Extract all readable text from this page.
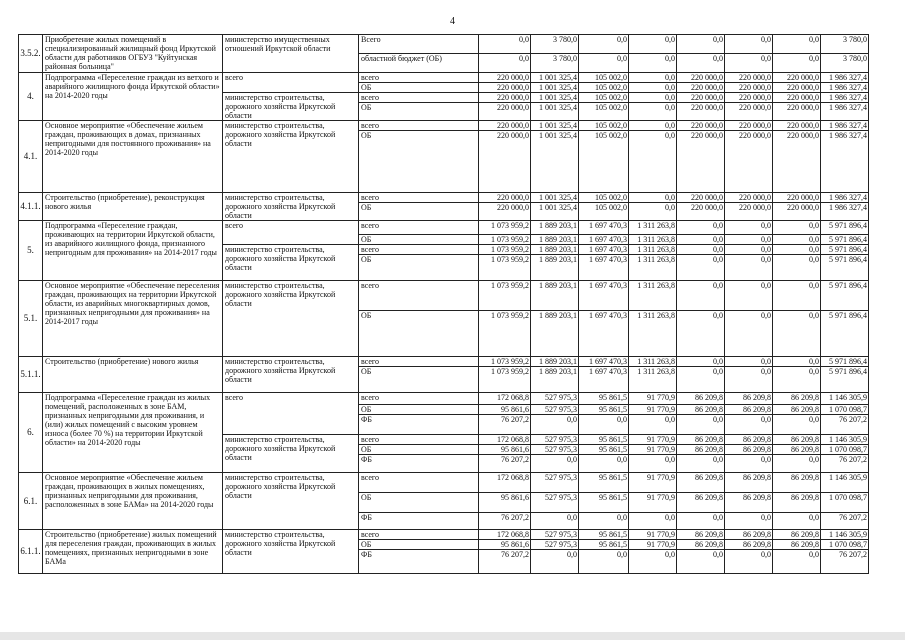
4
3.5.2.	Приобретение жилых помещений в специализированный жилищный фонд Иркутской области для работников ОГБУЗ "Куйтунская районная больница"	министерство имущественных отношений Иркутской области	Всего	0,0	3 780,0	0,0	0,0	0,0	0,0	0,0	3 780,0
			областной бюджет (ОБ)	0,0	3 780,0	0,0	0,0	0,0	0,0	0,0	3 780,0
4.	Подпрограмма «Переселение граждан из ветхого и аварийного жилищного фонда Иркутской области» на 2014-2020 годы	всего	всего	220 000,0	1 001 325,4	105 002,0	0,0	220 000,0	220 000,0	220 000,0	1 986 327,4
			ОБ	220 000,0	1 001 325,4	105 002,0	0,0	220 000,0	220 000,0	220 000,0	1 986 327,4
		министерство строительства, дорожного хозяйства Иркутской области	всего	220 000,0	1 001 325,4	105 002,0	0,0	220 000,0	220 000,0	220 000,0	1 986 327,4
			ОБ	220 000,0	1 001 325,4	105 002,0	0,0	220 000,0	220 000,0	220 000,0	1 986 327,4
4.1.	Основное мероприятие «Обеспечение жильем граждан, проживающих в домах, признанных непригодными для постоянного проживания» на 2014-2020 годы	министерство строительства, дорожного хозяйства Иркутской области	всего	220 000,0	1 001 325,4	105 002,0	0,0	220 000,0	220 000,0	220 000,0	1 986 327,4
			ОБ	220 000,0	1 001 325,4	105 002,0	0,0	220 000,0	220 000,0	220 000,0	1 986 327,4
4.1.1.	Строительство (приобретение), реконструкция нового жилья	министерство строительства, дорожного хозяйства Иркутской области	всего	220 000,0	1 001 325,4	105 002,0	0,0	220 000,0	220 000,0	220 000,0	1 986 327,4
			ОБ	220 000,0	1 001 325,4	105 002,0	0,0	220 000,0	220 000,0	220 000,0	1 986 327,4
5.	Подпрограмма «Переселение граждан, проживающих на территории Иркутской области, из аварийного жилищного фонда, признанного непригодным для проживания» на 2014-2017 годы	всего	всего	1 073 959,2	1 889 203,1	1 697 470,3	1 311 263,8	0,0	0,0	0,0	5 971 896,4
			ОБ	1 073 959,2	1 889 203,1	1 697 470,3	1 311 263,8	0,0	0,0	0,0	5 971 896,4
		министерство строительства, дорожного хозяйства Иркутской области	всего	1 073 959,2	1 889 203,1	1 697 470,3	1 311 263,8	0,0	0,0	0,0	5 971 896,4
			ОБ	1 073 959,2	1 889 203,1	1 697 470,3	1 311 263,8	0,0	0,0	0,0	5 971 896,4
5.1.	Основное мероприятие «Обеспечение переселения граждан, проживающих на территории Иркутской области, из аварийных многоквартирных домов, признанных непригодными для проживания» на 2014-2017 годы	министерство строительства, дорожного хозяйства Иркутской области	всего	1 073 959,2	1 889 203,1	1 697 470,3	1 311 263,8	0,0	0,0	0,0	5 971 896,4
			ОБ	1 073 959,2	1 889 203,1	1 697 470,3	1 311 263,8	0,0	0,0	0,0	5 971 896,4
5.1.1.	Строительство (приобретение) нового жилья	министерство строительства, дорожного хозяйства Иркутской области	всего	1 073 959,2	1 889 203,1	1 697 470,3	1 311 263,8	0,0	0,0	0,0	5 971 896,4
			ОБ	1 073 959,2	1 889 203,1	1 697 470,3	1 311 263,8	0,0	0,0	0,0	5 971 896,4
6.	Подпрограмма «Переселение граждан из жилых помещений, расположенных в зоне БАМ, признанных непригодными для проживания, и (или) жилых помещений с высоким уровнем износа (более 70 %) на территории Иркутской области» на 2014-2020 годы	всего	всего	172 068,8	527 975,3	95 861,5	91 770,9	86 209,8	86 209,8	86 209,8	1 146 305,9
			ОБ	95 861,6	527 975,3	95 861,5	91 770,9	86 209,8	86 209,8	86 209,8	1 070 098,7
			ФБ	76 207,2	0,0	0,0	0,0	0,0	0,0	0,0	76 207,2
		министерство строительства, дорожного хозяйства Иркутской области	всего	172 068,8	527 975,3	95 861,5	91 770,9	86 209,8	86 209,8	86 209,8	1 146 305,9
			ОБ	95 861,6	527 975,3	95 861,5	91 770,9	86 209,8	86 209,8	86 209,8	1 070 098,7
			ФБ	76 207,2	0,0	0,0	0,0	0,0	0,0	0,0	76 207,2
6.1.	Основное мероприятие «Обеспечение жильем граждан, проживающих в жилых помещениях, признанных непригодными для проживания, расположенных в зоне БАМа» на 2014-2020 годы	министерство строительства, дорожного хозяйства Иркутской области	всего	172 068,8	527 975,3	95 861,5	91 770,9	86 209,8	86 209,8	86 209,8	1 146 305,9
			ОБ	95 861,6	527 975,3	95 861,5	91 770,9	86 209,8	86 209,8	86 209,8	1 070 098,7
			ФБ	76 207,2	0,0	0,0	0,0	0,0	0,0	0,0	76 207,2
6.1.1.	Строительство (приобретение) жилых помещений для переселения граждан, проживающих в жилых помещениях, признанных непригодными в зоне БАМа	министерство строительства, дорожного хозяйства Иркутской области	всего	172 068,8	527 975,3	95 861,5	91 770,9	86 209,8	86 209,8	86 209,8	1 146 305,9
			ОБ	95 861,6	527 975,3	95 861,5	91 770,9	86 209,8	86 209,8	86 209,8	1 070 098,7
			ФБ	76 207,2	0,0	0,0	0,0	0,0	0,0	0,0	76 207,2
